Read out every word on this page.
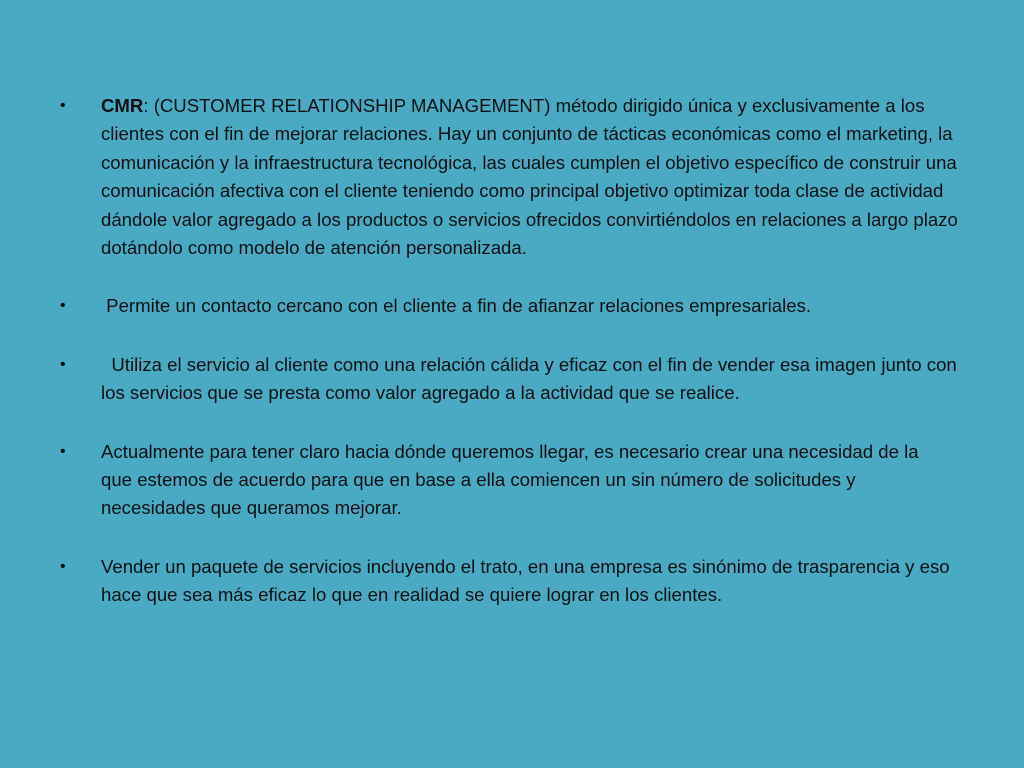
• CMR: (CUSTOMER RELATIONSHIP MANAGEMENT) método dirigido única y exclusivamente a los clientes con el fin de mejorar relaciones. Hay un conjunto de tácticas económicas como el marketing, la comunicación y la infraestructura tecnológica, las cuales cumplen el objetivo específico de construir una comunicación afectiva con el cliente teniendo como principal objetivo optimizar toda clase de actividad dándole valor agregado a los productos o servicios ofrecidos convirtiéndolos en relaciones a largo plazo dotándolo como modelo de atención personalizada.
• Permite un contacto cercano con el cliente a fin de afianzar relaciones empresariales.
• Utiliza el servicio al cliente como una relación cálida y eficaz con el fin de vender esa imagen junto con los servicios que se presta como valor agregado a la actividad que se realice.
• Actualmente para tener claro hacia dónde queremos llegar, es necesario crear una necesidad de la        que estemos de acuerdo para que en base a ella comiencen un sin número de solicitudes y necesidades que queramos mejorar.
• Vender un paquete de servicios incluyendo el trato, en una empresa es sinónimo de trasparencia y eso hace que sea más eficaz lo que en realidad se quiere lograr en los clientes.
